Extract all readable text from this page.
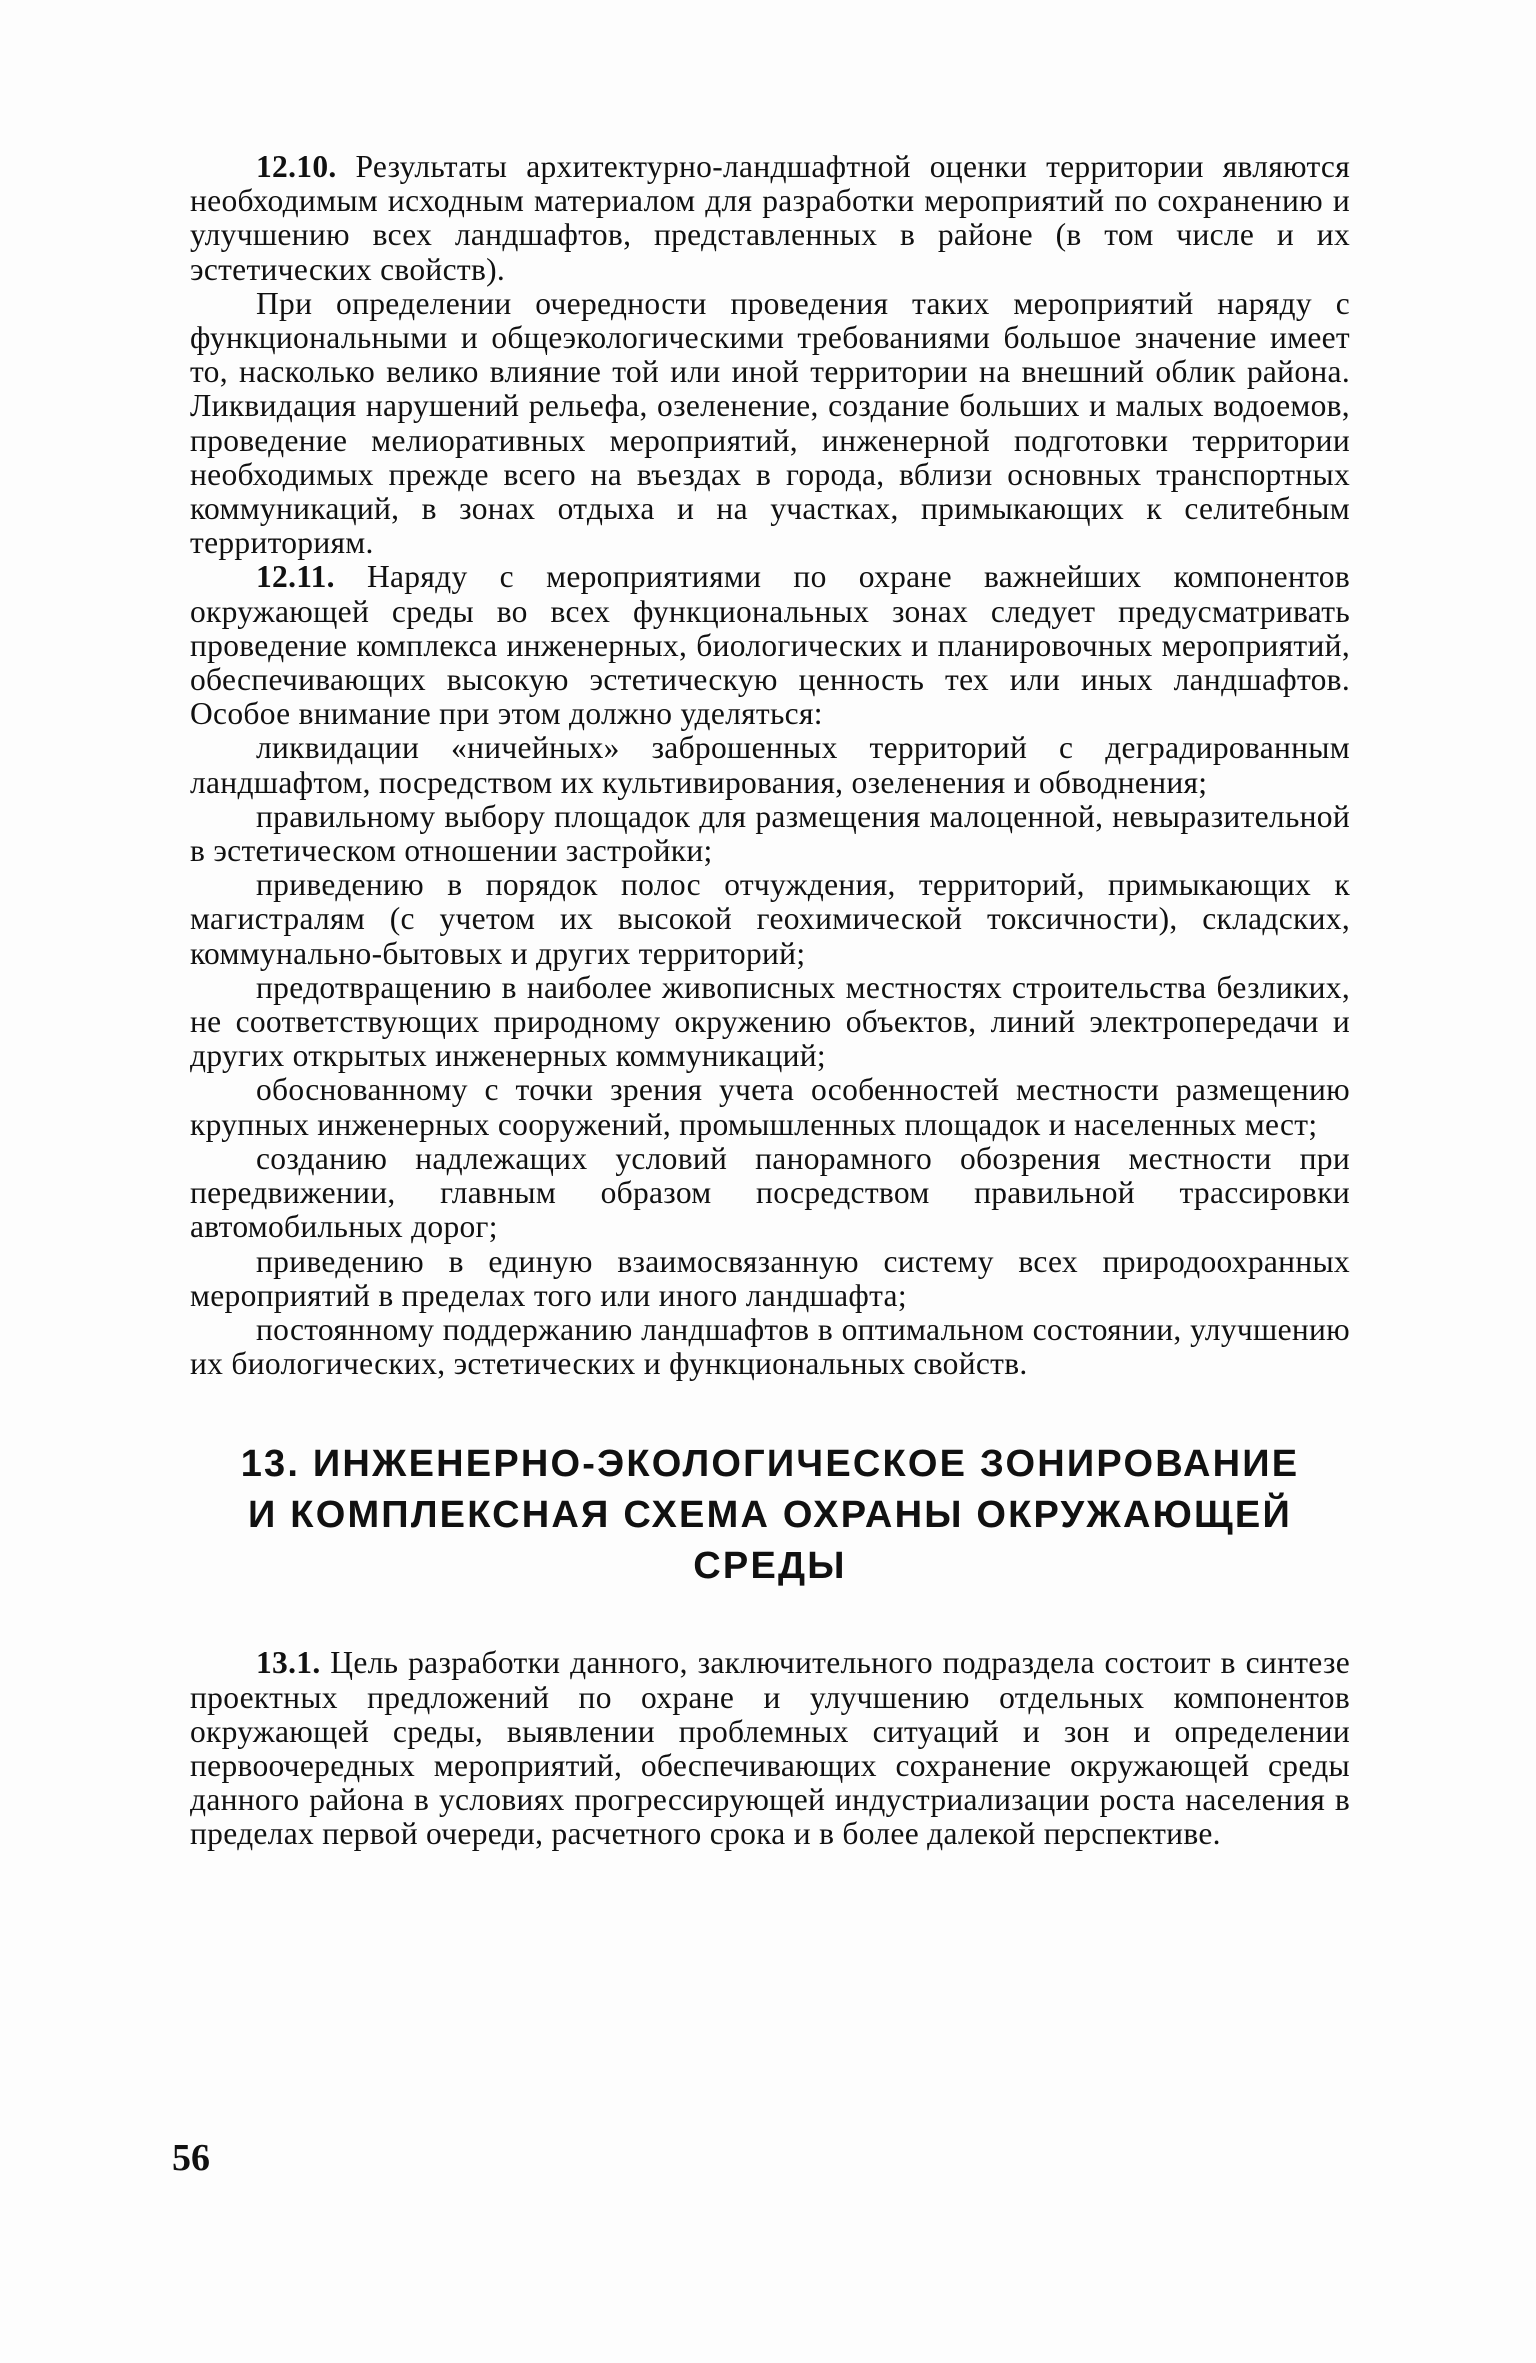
12.10. Результаты архитектурно-ландшафтной оценки территории являются необходимым исходным материалом для разработки мероприятий по сохранению и улучшению всех ландшафтов, представленных в районе (в том числе и их эстетических свойств).

При определении очередности проведения таких мероприятий наряду с функциональными и общеэкологическими требованиями большое значение имеет то, насколько велико влияние той или иной территории на внешний облик района. Ликвидация нарушений рельефа, озеленение, создание больших и малых водоемов, проведение мелиоративных мероприятий, инженерной подготовки территории необходимых прежде всего на въездах в города, вблизи основных транспортных коммуникаций, в зонах отдыха и на участках, примыкающих к селитебным территориям.

12.11. Наряду с мероприятиями по охране важнейших компонентов окружающей среды во всех функциональных зонах следует предусматривать проведение комплекса инженерных, биологических и планировочных мероприятий, обеспечивающих высокую эстетическую ценность тех или иных ландшафтов. Особое внимание при этом должно уделяться:

ликвидации «ничейных» заброшенных территорий с деградированным ландшафтом, посредством их культивирования, озеленения и обводнения;

правильному выбору площадок для размещения малоценной, невыразительной в эстетическом отношении застройки;

приведению в порядок полос отчуждения, территорий, примыкающих к магистралям (с учетом их высокой геохимической токсичности), складских, коммунально-бытовых и других территорий;

предотвращению в наиболее живописных местностях строительства безликих, не соответствующих природному окружению объектов, линий электропередачи и других открытых инженерных коммуникаций;

обоснованному с точки зрения учета особенностей местности размещению крупных инженерных сооружений, промышленных площадок и населенных мест;

созданию надлежащих условий панорамного обозрения местности при передвижении, главным образом посредством правильной трассировки автомобильных дорог;

приведению в единую взаимосвязанную систему всех природоохранных мероприятий в пределах того или иного ландшафта;

постоянному поддержанию ландшафтов в оптимальном состоянии, улучшению их биологических, эстетических и функциональных свойств.

13. ИНЖЕНЕРНО-ЭКОЛОГИЧЕСКОЕ ЗОНИРОВАНИЕ
И КОМПЛЕКСНАЯ СХЕМА ОХРАНЫ ОКРУЖАЮЩЕЙ СРЕДЫ

13.1. Цель разработки данного, заключительного подраздела состоит в синтезе проектных предложений по охране и улучшению отдельных компонентов окружающей среды, выявлении проблемных ситуаций и зон и определении первоочередных мероприятий, обеспечивающих сохранение окружающей среды данного района в условиях прогрессирующей индустриализации роста населения в пределах первой очереди, расчетного срока и в более далекой перспективе.

56
